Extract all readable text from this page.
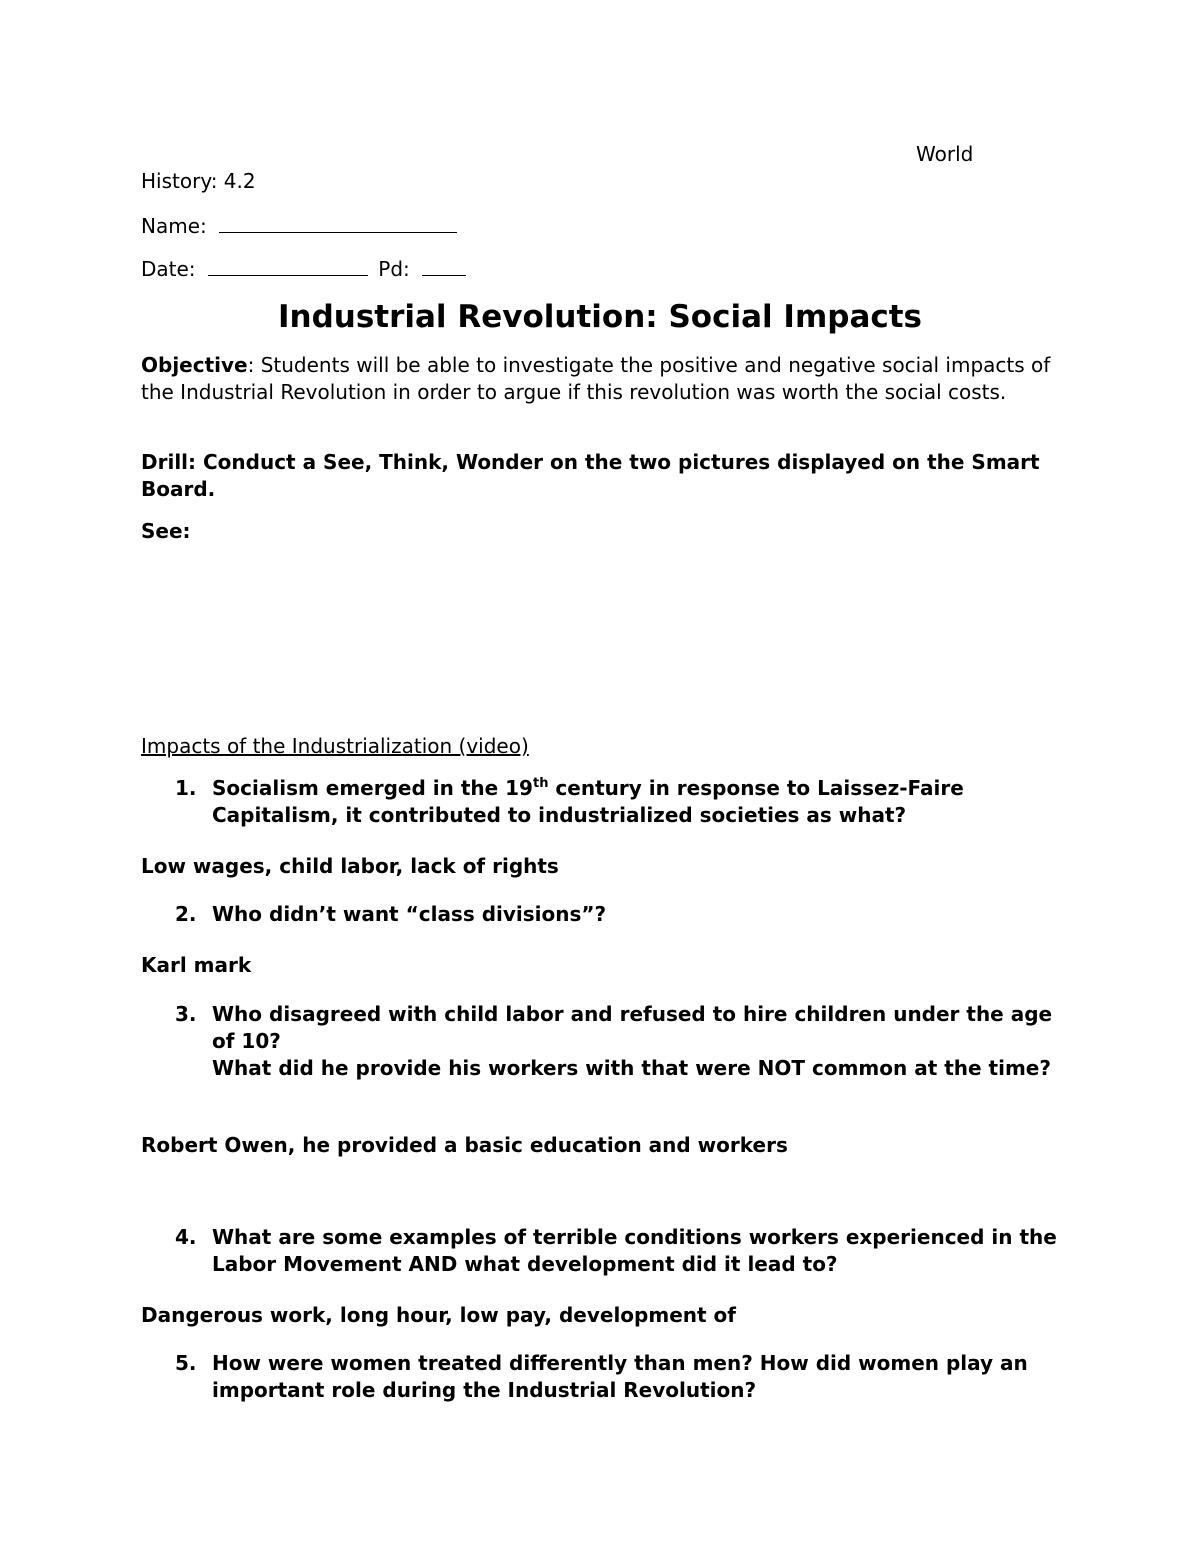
World
History: 4.2
Name:
Date:	Pd:
Industrial Revolution: Social Impacts
Objective: Students will be able to investigate the positive and negative social impacts of the Industrial Revolution in order to argue if this revolution was worth the social costs.
Drill: Conduct a See, Think, Wonder on the two pictures displayed on the Smart Board.
See:
Impacts of the Industrialization (video)
1. Socialism emerged in the 19th century in response to Laissez-Faire Capitalism, it contributed to industrialized societies as what?
Low wages, child labor, lack of rights
2. Who didn’t want “class divisions”?
Karl mark
3. Who disagreed with child labor and refused to hire children under the age of 10?
What did he provide his workers with that were NOT common at the time?
Robert Owen, he provided a basic education and workers
4. What are some examples of terrible conditions workers experienced in the Labor Movement AND what development did it lead to?
Dangerous work, long hour, low pay, development of
5. How were women treated differently than men? How did women play an important role during the Industrial Revolution?
